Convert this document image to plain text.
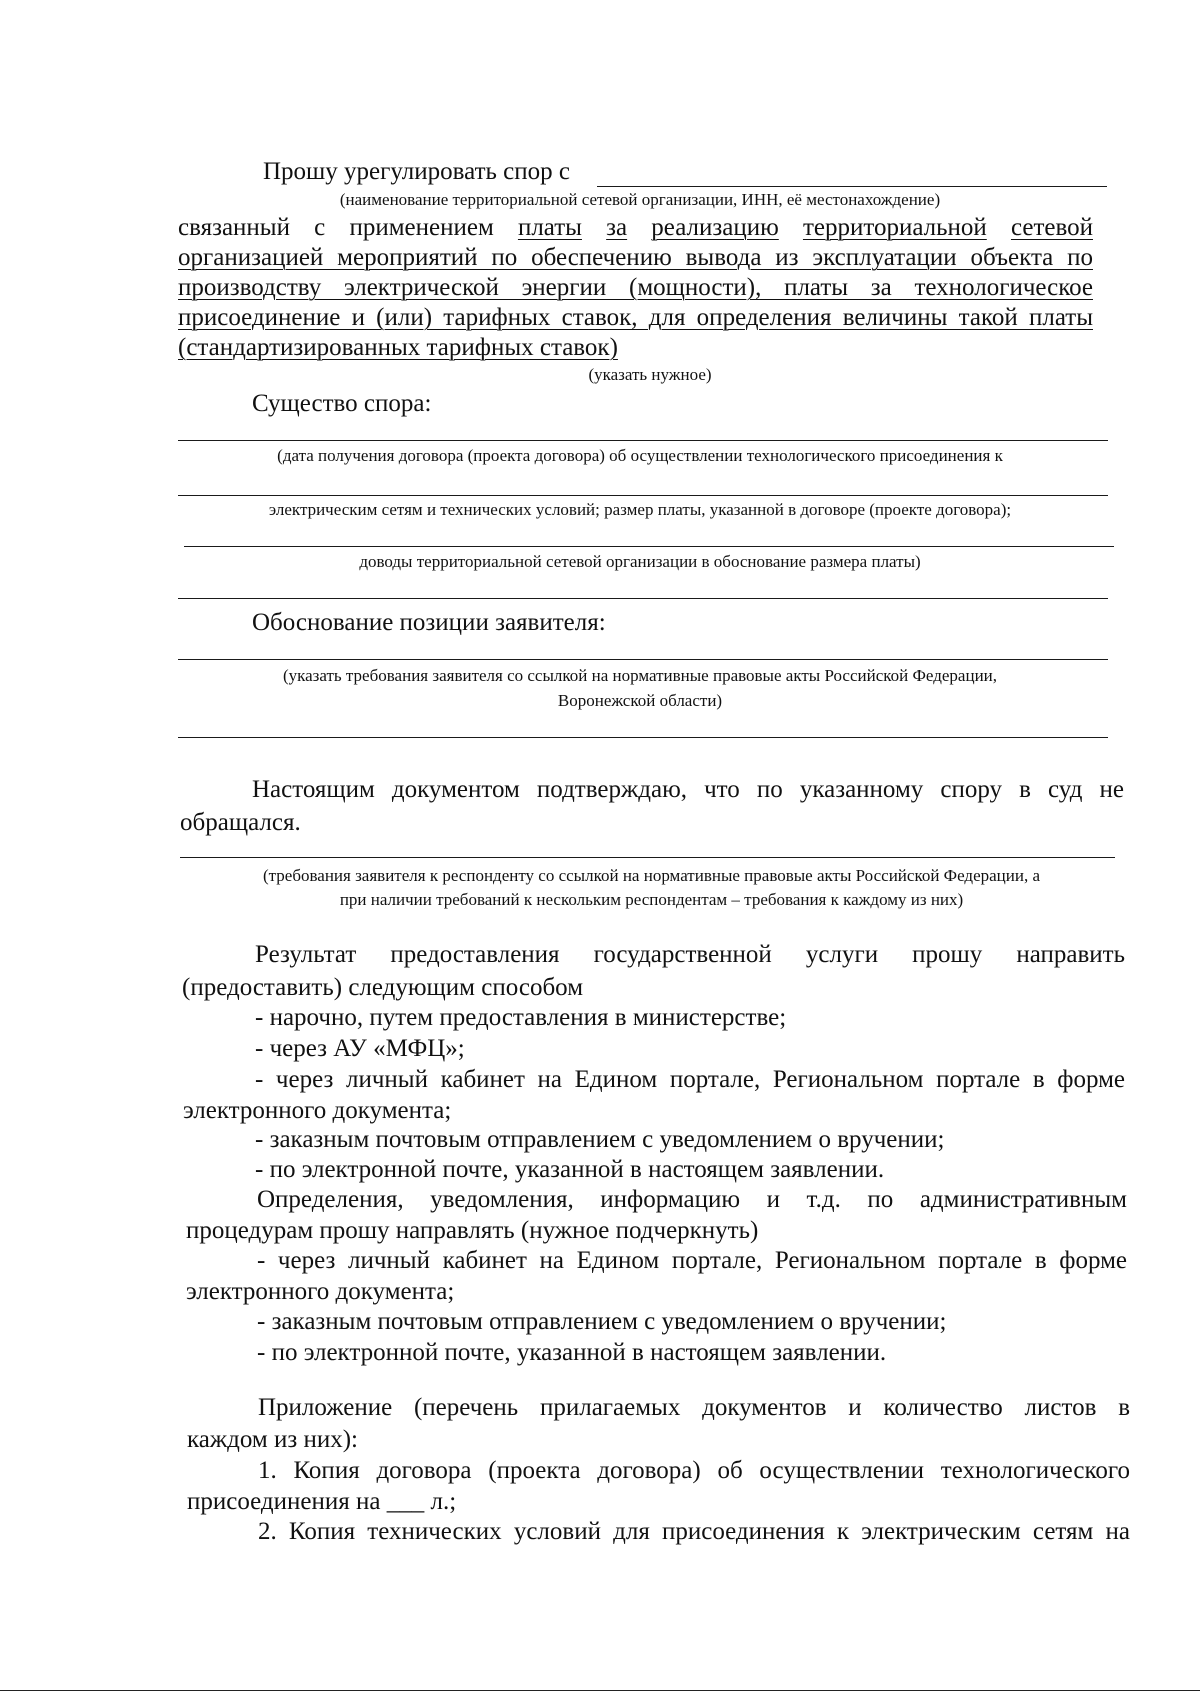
Прошу урегулировать спор с
(наименование территориальной сетевой организации, ИНН, её местонахождение)
связанный с применением платы за реализацию территориальной сетевой
организацией мероприятий по обеспечению вывода из эксплуатации объекта по
производству электрической энергии (мощности), платы за технологическое
присоединение и (или) тарифных ставок, для определения величины такой платы
(стандартизированных тарифных ставок)
(указать нужное)
Существо спора:
(дата получения договора (проекта договора) об осуществлении технологического присоединения к
электрическим сетям и технических условий; размер платы, указанной в договоре (проекте договора);
доводы территориальной сетевой организации в обоснование размера платы)
Обоснование позиции заявителя:
(указать требования заявителя со ссылкой на нормативные правовые акты Российской Федерации,
Воронежской области)
Настоящим документом подтверждаю, что по указанному спору в суд не
обращался.
(требования заявителя к респонденту со ссылкой на нормативные правовые акты Российской Федерации, а
при наличии требований к нескольким респондентам – требования к каждому из них)
Результат предоставления государственной услуги прошу направить
(предоставить) следующим способом
- нарочно, путем предоставления в министерстве;
- через АУ «МФЦ»;
- через личный кабинет на Едином портале, Региональном портале в форме
электронного документа;
- заказным почтовым отправлением с уведомлением о вручении;
- по электронной почте, указанной в настоящем заявлении.
Определения, уведомления, информацию и т.д. по административным
процедурам прошу направлять (нужное подчеркнуть)
- через личный кабинет на Едином портале, Региональном портале в форме
электронного документа;
- заказным почтовым отправлением с уведомлением о вручении;
- по электронной почте, указанной в настоящем заявлении.
Приложение (перечень прилагаемых документов и количество листов в
каждом из них):
1. Копия договора (проекта договора) об осуществлении технологического
присоединения на ___ л.;
2. Копия технических условий для присоединения к электрическим сетям на
